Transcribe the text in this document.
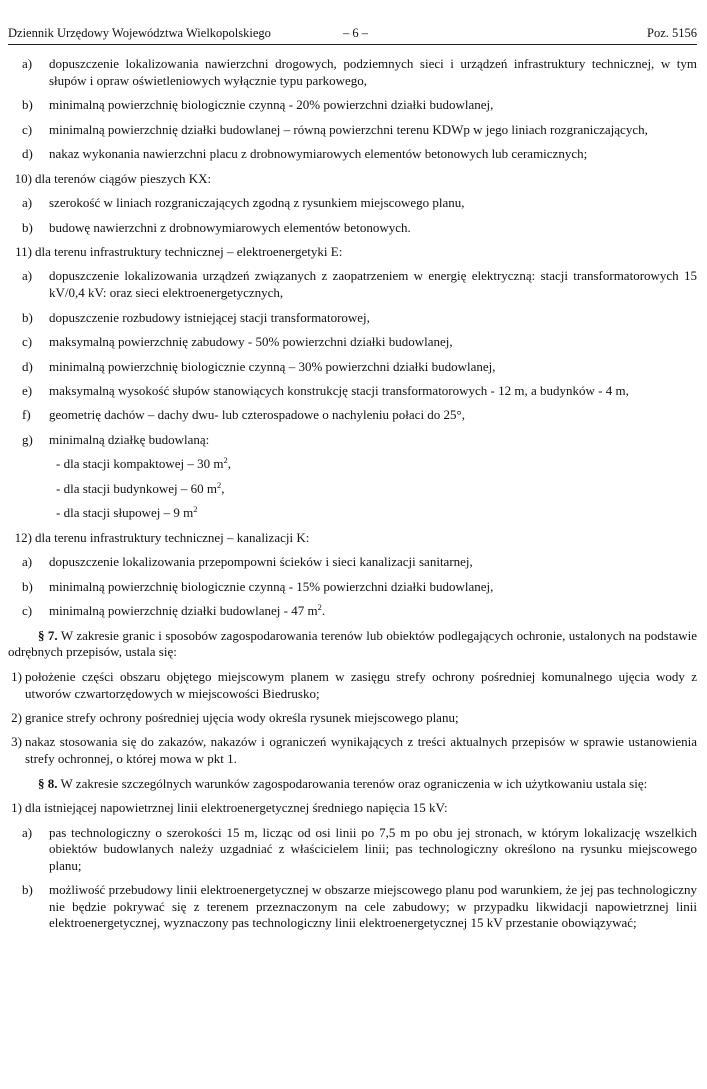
Dziennik Urzędowy Województwa Wielkopolskiego	– 6 –	Poz. 5156
a)	dopuszczenie lokalizowania nawierzchni drogowych, podziemnych sieci i urządzeń infrastruktury technicznej, w tym słupów i opraw oświetleniowych wyłącznie typu parkowego,
b)	minimalną powierzchnię biologicznie czynną - 20% powierzchni działki budowlanej,
c)	minimalną powierzchnię działki budowlanej – równą powierzchni terenu KDWp w jego liniach rozgraniczających,
d)	nakaz wykonania nawierzchni placu z drobnowymiarowych elementów betonowych lub ceramicznych;
10) dla terenów ciągów pieszych KX:
a)	szerokość w liniach rozgraniczających zgodną z rysunkiem miejscowego planu,
b)	budowę nawierzchni z drobnowymiarowych elementów betonowych.
11) dla terenu infrastruktury technicznej – elektroenergetyki E:
a)	dopuszczenie lokalizowania urządzeń związanych z zaopatrzeniem w energię elektryczną: stacji transformatorowych 15 kV/0,4 kV: oraz sieci elektroenergetycznych,
b)	dopuszczenie rozbudowy istniejącej stacji transformatorowej,
c)	maksymalną powierzchnię zabudowy - 50% powierzchni działki budowlanej,
d)	minimalną powierzchnię biologicznie czynną – 30% powierzchni działki budowlanej,
e)	maksymalną wysokość słupów stanowiących konstrukcję stacji transformatorowych - 12 m, a budynków - 4 m,
f)	geometrię dachów – dachy dwu- lub czterospadowe o nachyleniu połaci do 25°,
g)	minimalną działkę budowlaną:
- dla stacji kompaktowej – 30 $m^2$,
- dla stacji budynkowej – 60 $m^2$,
- dla stacji słupowej – 9 $m^2$
12) dla terenu infrastruktury technicznej – kanalizacji K:
a)	dopuszczenie lokalizowania przepompowni ścieków i sieci kanalizacji sanitarnej,
b)	minimalną powierzchnię biologicznie czynną - 15% powierzchni działki budowlanej,
c)	minimalną powierzchnię działki budowlanej - 47 $m^2$.
§ 7. W zakresie granic i sposobów zagospodarowania terenów lub obiektów podlegających ochronie, ustalonych na podstawie odrębnych przepisów, ustala się:
1) położenie części obszaru objętego miejscowym planem w zasięgu strefy ochrony pośredniej komunalnego ujęcia wody z utworów czwartorzędowych w miejscowości Biedrusko;
2) granice strefy ochrony pośredniej ujęcia wody określa rysunek miejscowego planu;
3) nakaz stosowania się do zakazów, nakazów i ograniczeń wynikających z treści aktualnych przepisów w sprawie ustanowienia strefy ochronnej, o której mowa w pkt 1.
§ 8. W zakresie szczególnych warunków zagospodarowania terenów oraz ograniczenia w ich użytkowaniu ustala się:
1) dla istniejącej napowietrznej linii elektroenergetycznej średniego napięcia 15 kV:
a)	pas technologiczny o szerokości 15 m, licząc od osi linii po 7,5 m po obu jej stronach, w którym lokalizację wszelkich obiektów budowlanych należy uzgadniać z właścicielem linii; pas technologiczny określono na rysunku miejscowego planu;
b)	możliwość przebudowy linii elektroenergetycznej w obszarze miejscowego planu pod warunkiem, że jej pas technologiczny nie będzie pokrywać się z terenem przeznaczonym na cele zabudowy; w przypadku likwidacji napowietrznej linii elektroenergetycznej, wyznaczony pas technologiczny linii elektroenergetycznej 15 kV przestanie obowiązywać;
